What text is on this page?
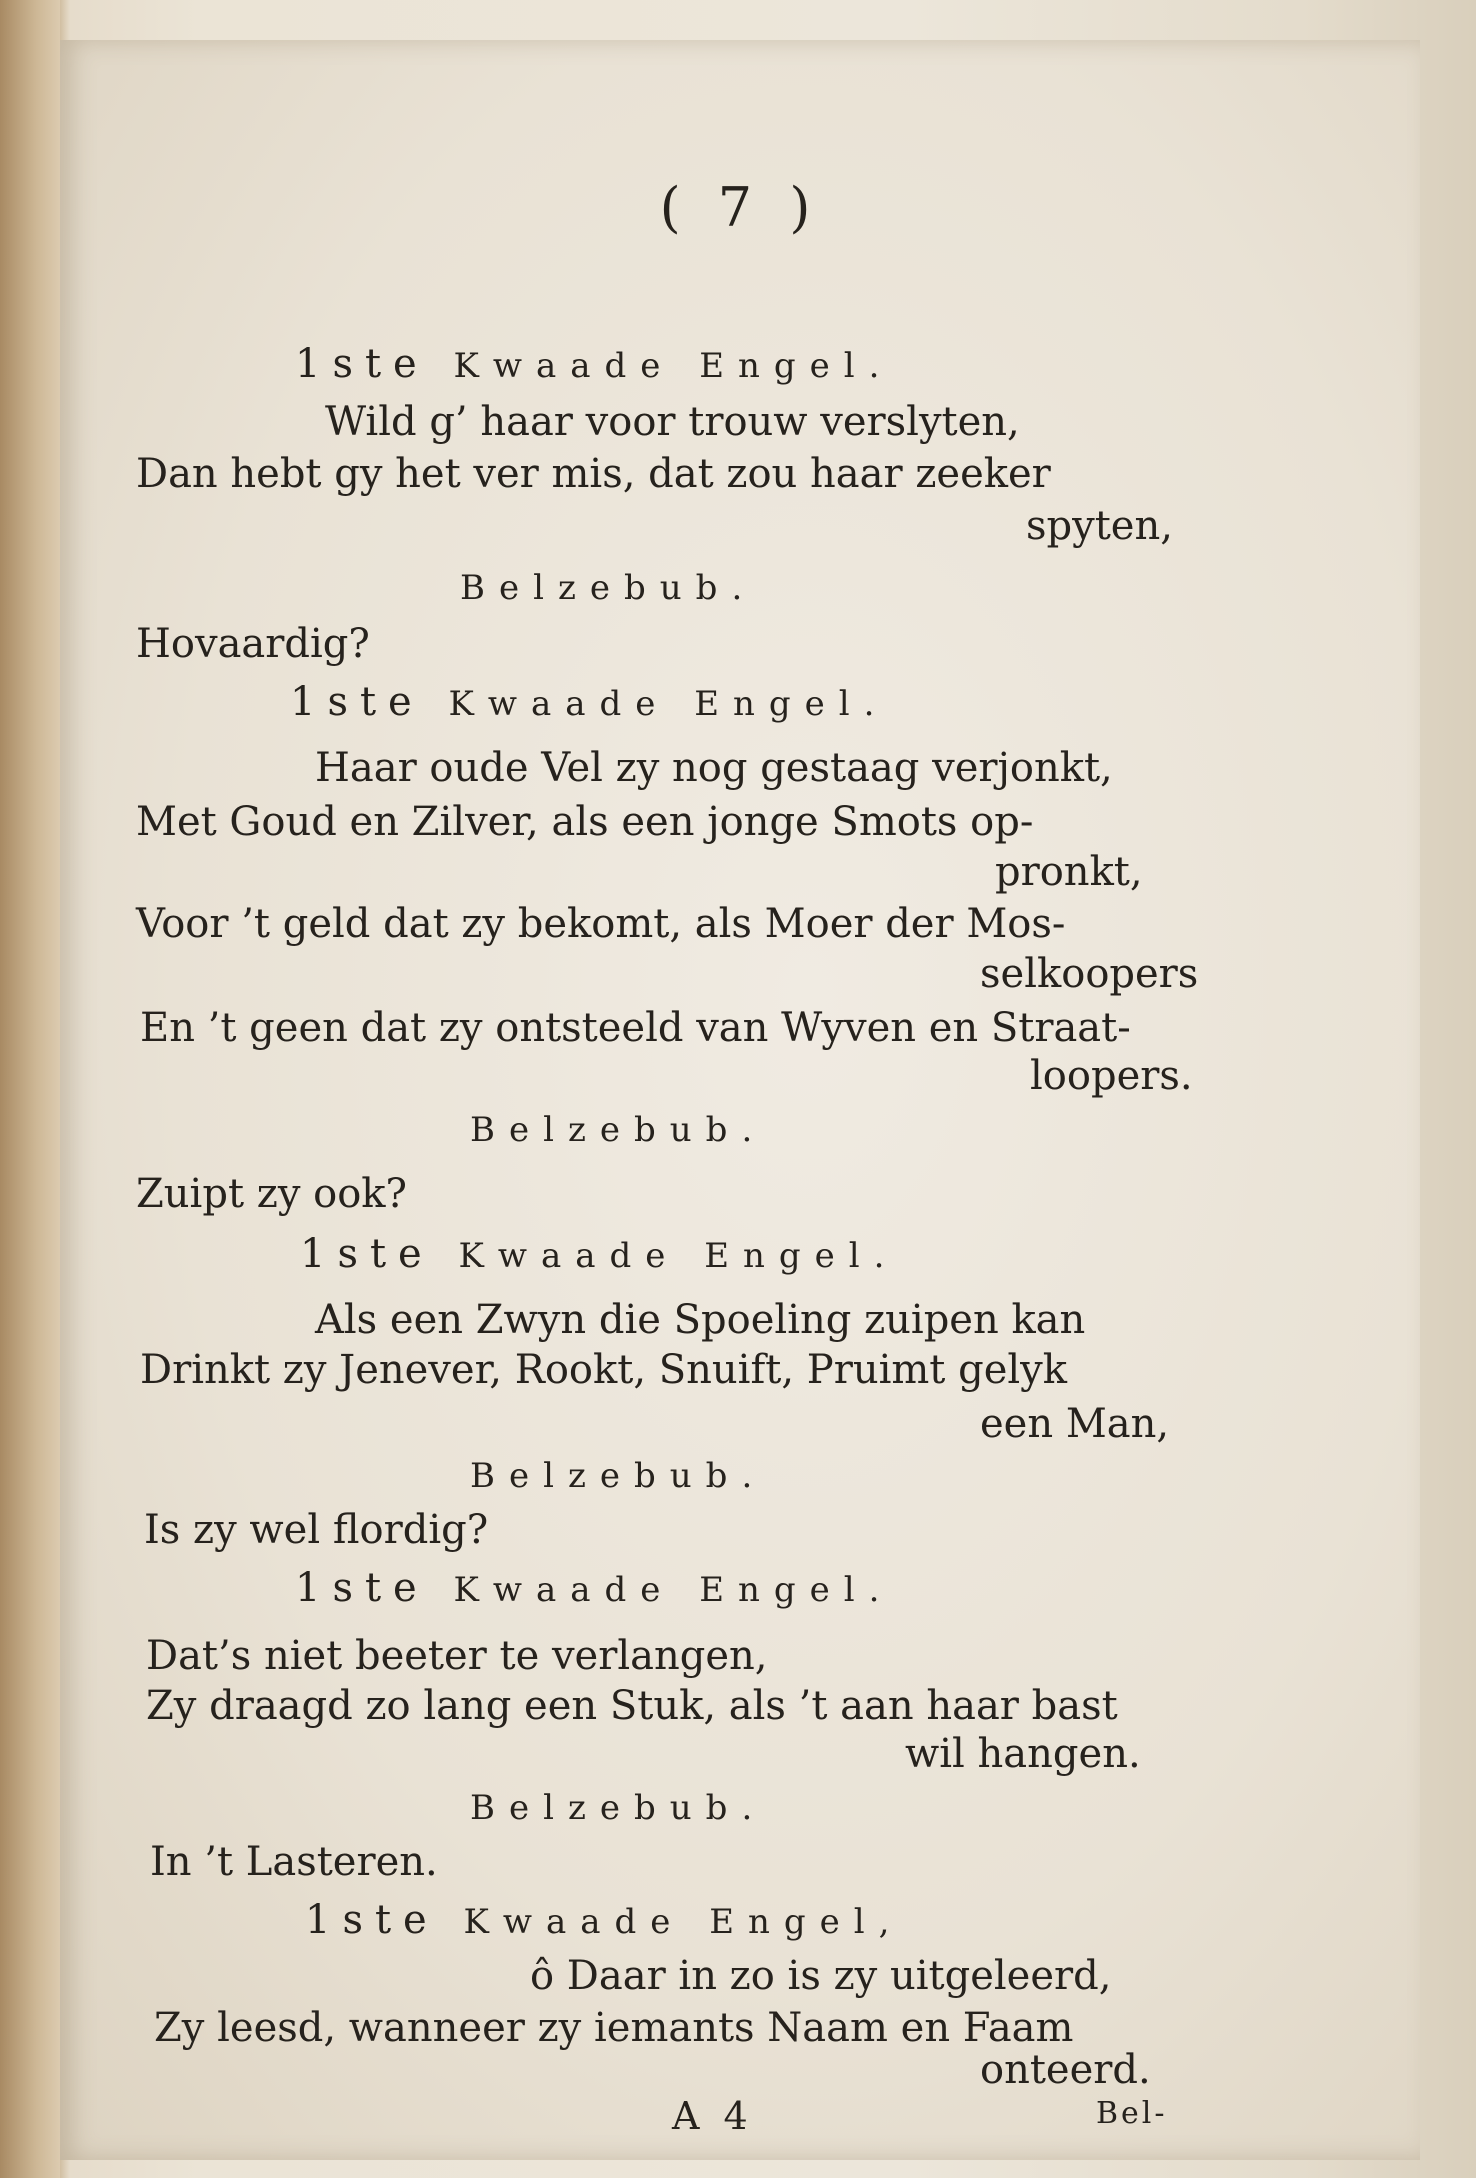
( 7 )
1ste Kwaade Engel.
Wild g’ haar voor trouw verslyten,
Dan hebt gy het ver mis, dat zou haar zeeker
spyten,
Belzebub.
Hovaardig?
1ste Kwaade Engel.
Haar oude Vel zy nog gestaag verjonkt,
Met Goud en Zilver, als een jonge Smots op-
pronkt,
Voor ’t geld dat zy bekomt, als Moer der Mos-
selkoopers
En ’t geen dat zy ontsteeld van Wyven en Straat-
loopers.
Belzebub.
Zuipt zy ook?
1ste Kwaade Engel.
Als een Zwyn die Spoeling zuipen kan
Drinkt zy Jenever, Rookt, Snuift, Pruimt gelyk
een Man,
Belzebub.
Is zy wel flordig?
1ste Kwaade Engel.
Dat’s niet beeter te verlangen,
Zy draagd zo lang een Stuk, als ’t aan haar bast
wil hangen.
Belzebub.
In ’t Lasteren.
1ste Kwaade Engel,
ô Daar in zo is zy uitgeleerd,
Zy leesd, wanneer zy iemants Naam en Faam
onteerd.
A 4	Bel-
